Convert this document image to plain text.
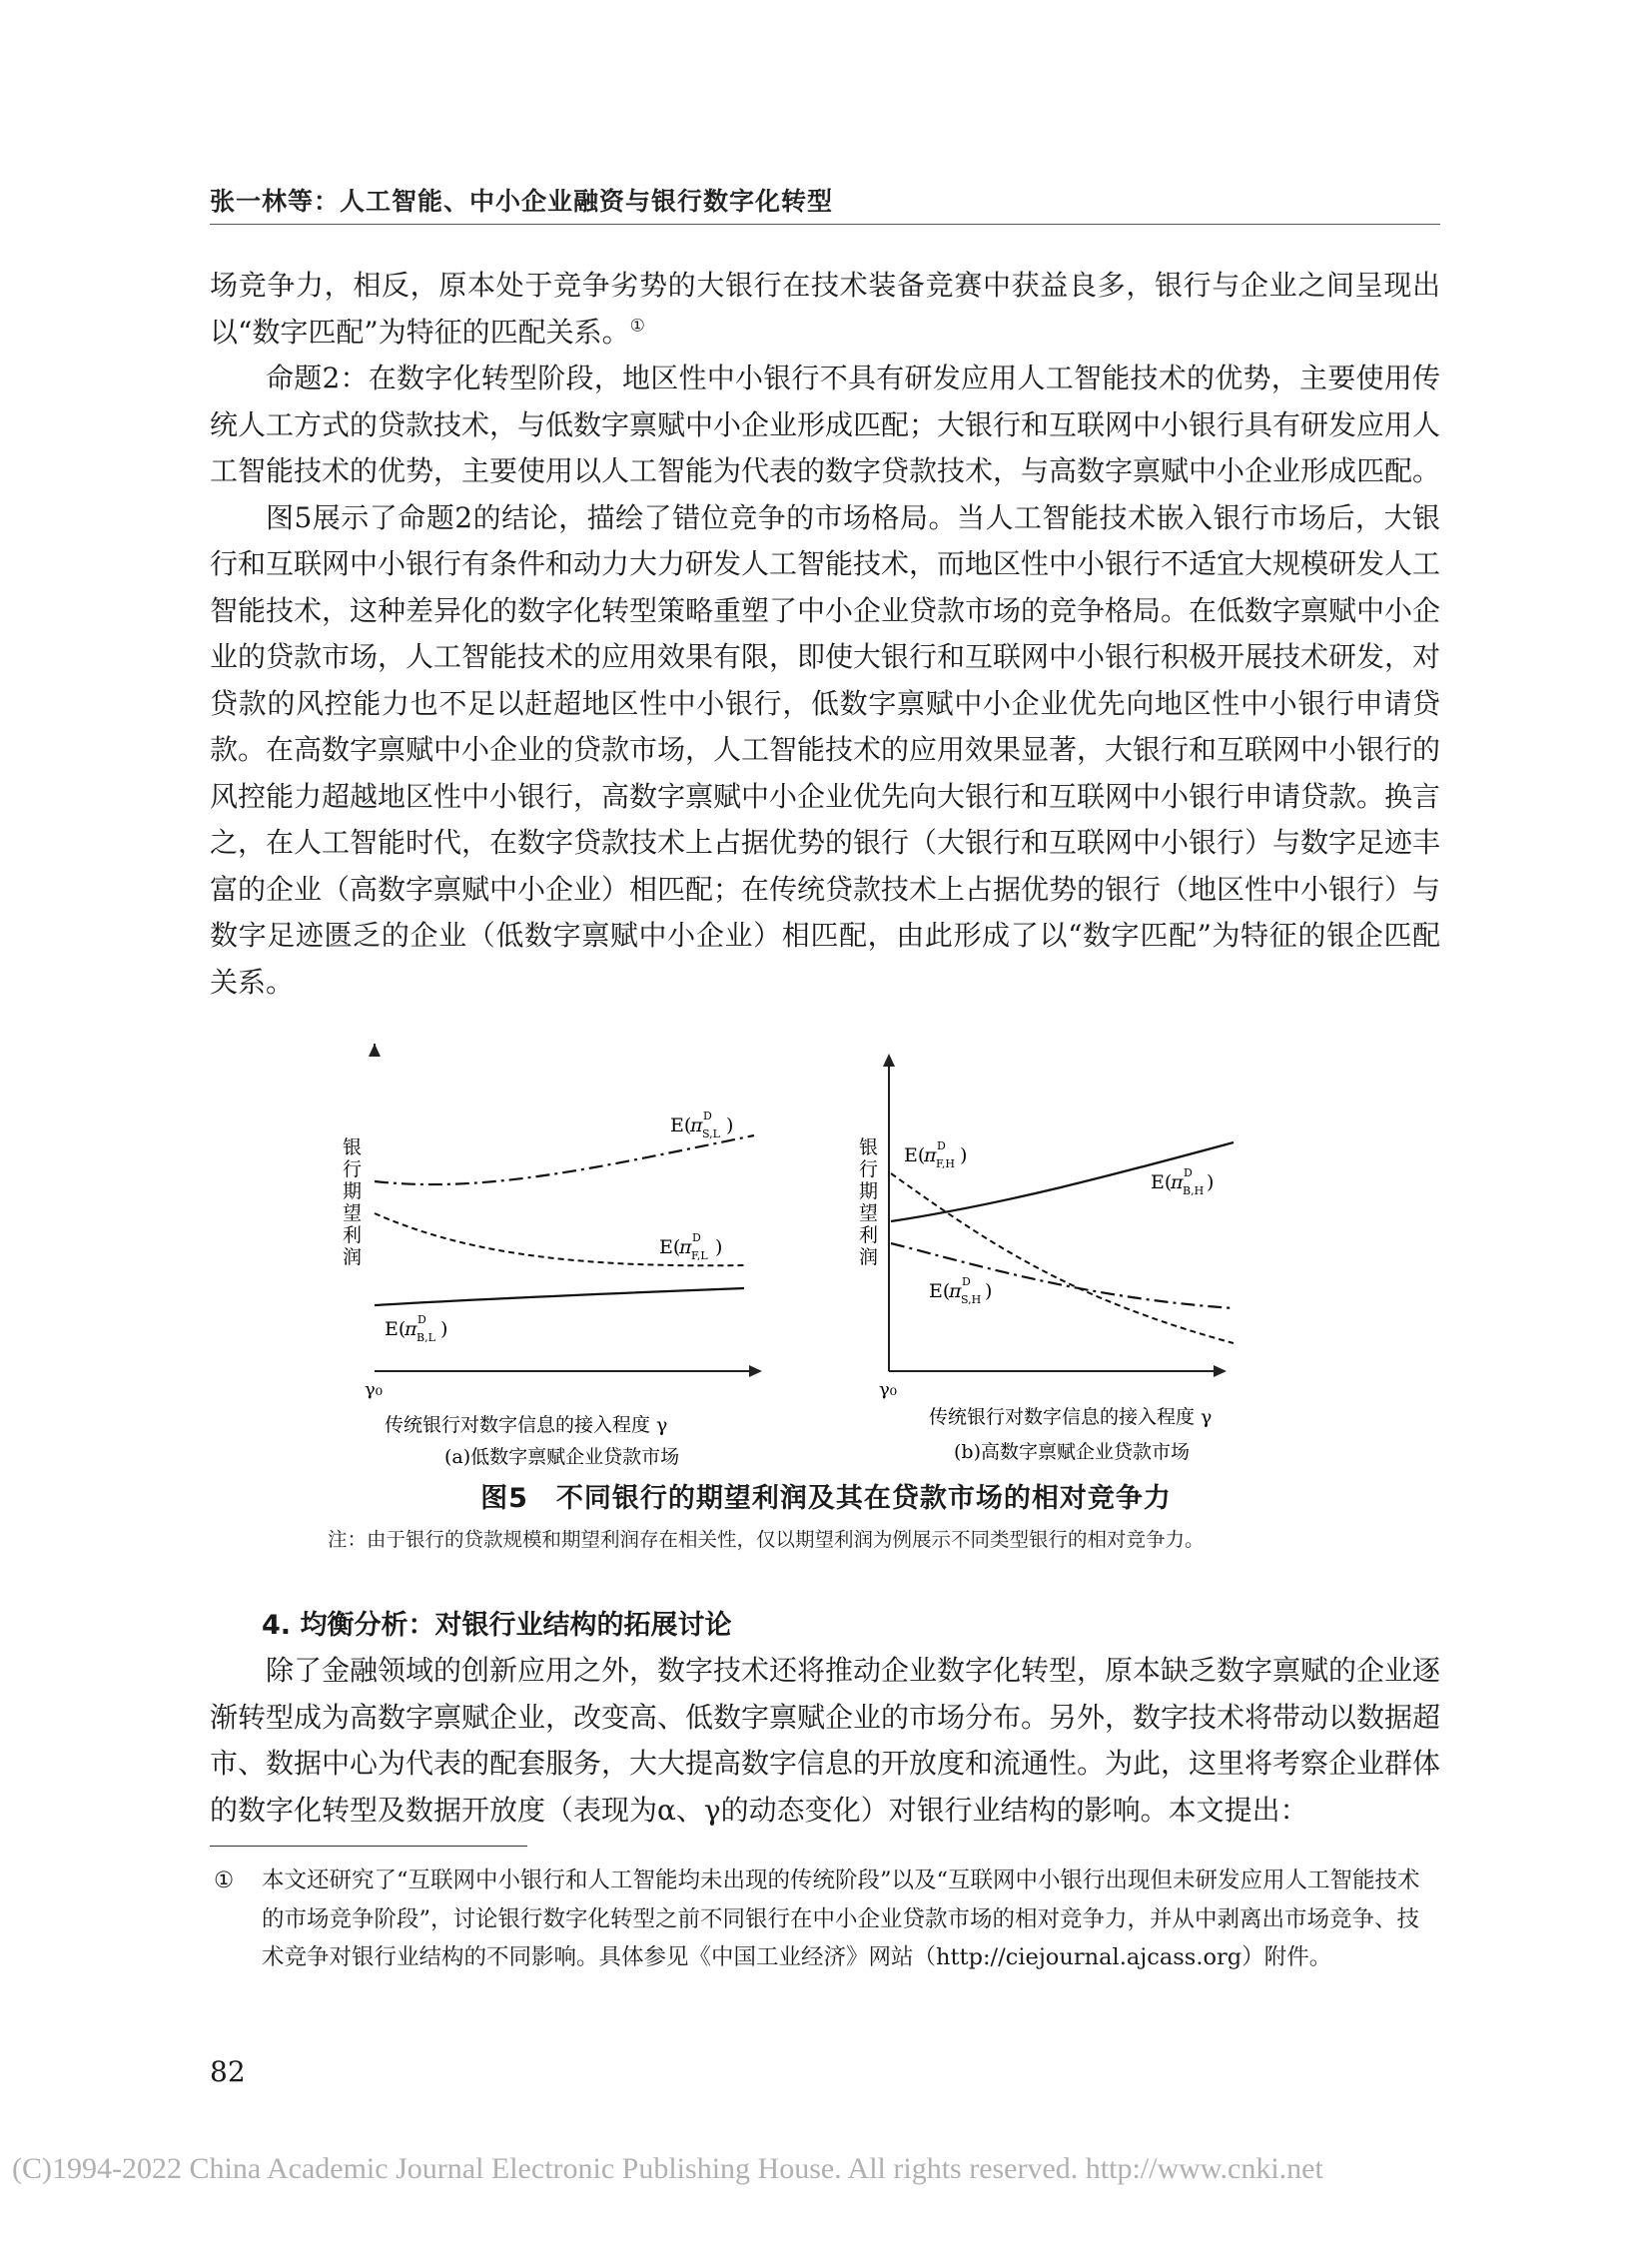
张一林等：人工智能、中小企业融资与银行数字化转型

场竞争力，相反，原本处于竞争劣势的大银行在技术装备竞赛中获益良多，银行与企业之间呈现出以“数字匹配”为特征的匹配关系。①

命题2：在数字化转型阶段，地区性中小银行不具有研发应用人工智能技术的优势，主要使用传统人工方式的贷款技术，与低数字禀赋中小企业形成匹配；大银行和互联网中小银行具有研发应用人工智能技术的优势，主要使用以人工智能为代表的数字贷款技术，与高数字禀赋中小企业形成匹配。

图5展示了命题2的结论，描绘了错位竞争的市场格局。当人工智能技术嵌入银行市场后，大银行和互联网中小银行有条件和动力大力研发人工智能技术，而地区性中小银行不适宜大规模研发人工智能技术，这种差异化的数字化转型策略重塑了中小企业贷款市场的竞争格局。在低数字禀赋中小企业的贷款市场，人工智能技术的应用效果有限，即使大银行和互联网中小银行积极开展技术研发，对贷款的风控能力也不足以赶超地区性中小银行，低数字禀赋中小企业优先向地区性中小银行申请贷款。在高数字禀赋中小企业的贷款市场，人工智能技术的应用效果显著，大银行和互联网中小银行的风控能力超越地区性中小银行，高数字禀赋中小企业优先向大银行和互联网中小银行申请贷款。换言之，在人工智能时代，在数字贷款技术上占据优势的银行（大银行和互联网中小银行）与数字足迹丰富的企业（高数字禀赋中小企业）相匹配；在传统贷款技术上占据优势的银行（地区性中小银行）与数字足迹匮乏的企业（低数字禀赋中小企业）相匹配，由此形成了以“数字匹配”为特征的银企匹配关系。

银行期望利润
E(
π D
S,L )
E(
π D
F,L )
E(
π D
B,L )
γ₀
传统银行对数字信息的接入程度 γ
(a)低数字禀赋企业贷款市场
银行期望利润
E(
π D
F,H )
E(
π D
B,H )
E(
π D
S,H )
γ₀
传统银行对数字信息的接入程度 γ
(b)高数字禀赋企业贷款市场
图5　不同银行的期望利润及其在贷款市场的相对竞争力
注：由于银行的贷款规模和期望利润存在相关性，仅以期望利润为例展示不同类型银行的相对竞争力。
4. 均衡分析：对银行业结构的拓展讨论

除了金融领域的创新应用之外，数字技术还将推动企业数字化转型，原本缺乏数字禀赋的企业逐渐转型成为高数字禀赋企业，改变高、低数字禀赋企业的市场分布。另外，数字技术将带动以数据超市、数据中心为代表的配套服务，大大提高数字信息的开放度和流通性。为此，这里将考察企业群体的数字化转型及数据开放度（表现为α、γ的动态变化）对银行业结构的影响。本文提出：

① 本文还研究了“互联网中小银行和人工智能均未出现的传统阶段”以及“互联网中小银行出现但未研发应用人工智能技术的市场竞争阶段”，讨论银行数字化转型之前不同银行在中小企业贷款市场的相对竞争力，并从中剥离出市场竞争、技术竞争对银行业结构的不同影响。具体参见《中国工业经济》网站（http://ciejournal.ajcass.org）附件。
82
(C)1994-2022 China Academic Journal Electronic Publishing House. All rights reserved. http://www.cnki.net
